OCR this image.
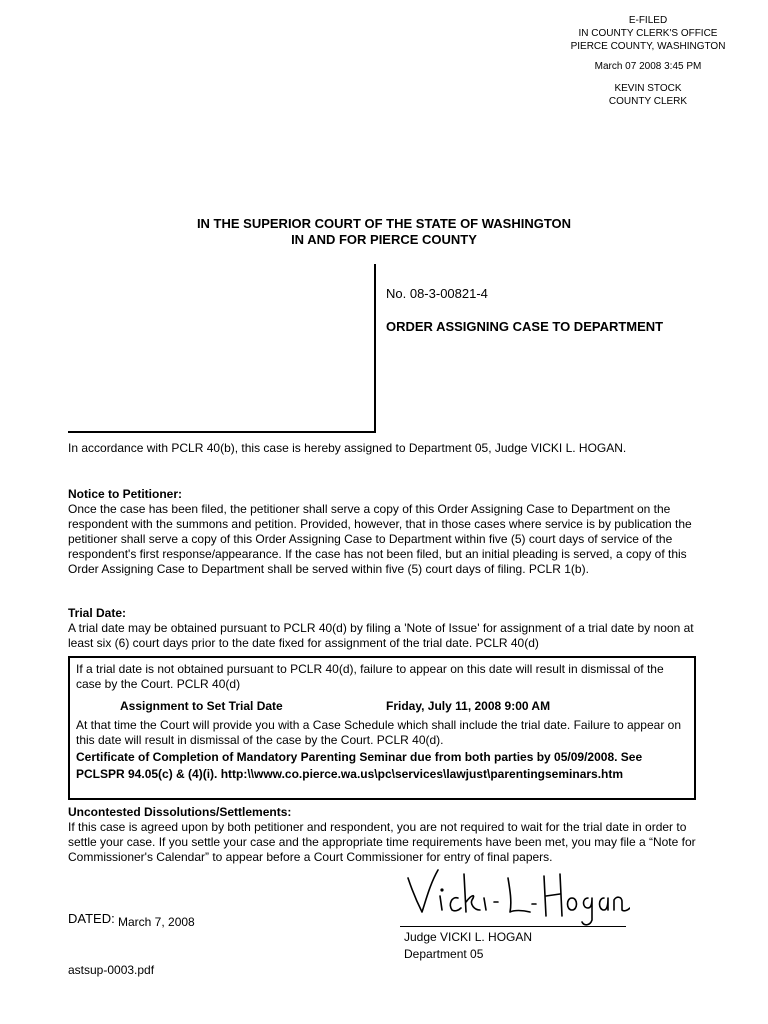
E-FILED
IN COUNTY CLERK'S OFFICE
PIERCE COUNTY, WASHINGTON
March 07 2008 3:45 PM
KEVIN STOCK
COUNTY CLERK
IN THE SUPERIOR COURT OF THE STATE OF WASHINGTON
IN AND FOR PIERCE COUNTY
No. 08-3-00821-4
ORDER ASSIGNING CASE TO DEPARTMENT

In accordance with PCLR 40(b), this case is hereby assigned to Department 05, Judge VICKI L. HOGAN.

Notice to Petitioner:

Once the case has been filed, the petitioner shall serve a copy of this Order Assigning Case to Department on the respondent with the summons and petition. Provided, however, that in those cases where service is by publication the petitioner shall serve a copy of this Order Assigning Case to Department within five (5) court days of service of the respondent's first response/appearance. If the case has not been filed, but an initial pleading is served, a copy of this Order Assigning Case to Department shall be served within five (5) court days of filing. PCLR 1(b).

Trial Date:

A trial date may be obtained pursuant to PCLR 40(d) by filing a 'Note of Issue' for assignment of a trial date by noon at least six (6) court days prior to the date fixed for assignment of the trial date. PCLR 40(d)

If a trial date is not obtained pursuant to PCLR 40(d), failure to appear on this date will result in dismissal of the case by the Court. PCLR 40(d)

Assignment to Set Trial Date	Friday, July 11, 2008 9:00 AM

At that time the Court will provide you with a Case Schedule which shall include the trial date. Failure to appear on this date will result in dismissal of the case by the Court. PCLR 40(d).

Certificate of Completion of Mandatory Parenting Seminar due from both parties by 05/09/2008. See PCLSPR 94.05(c) & (4)(i). http:\\www.co.pierce.wa.us\pc\services\lawjust\parentingseminars.htm

Uncontested Dissolutions/Settlements:

If this case is agreed upon by both petitioner and respondent, you are not required to wait for the trial date in order to settle your case. If you settle your case and the appropriate time requirements have been met, you may file a “Note for Commissioner's Calendar” to appear before a Court Commissioner for entry of final papers.

Judge VICKI L. HOGAN
Department 05
DATED: March 7, 2008
astsup-0003.pdf
